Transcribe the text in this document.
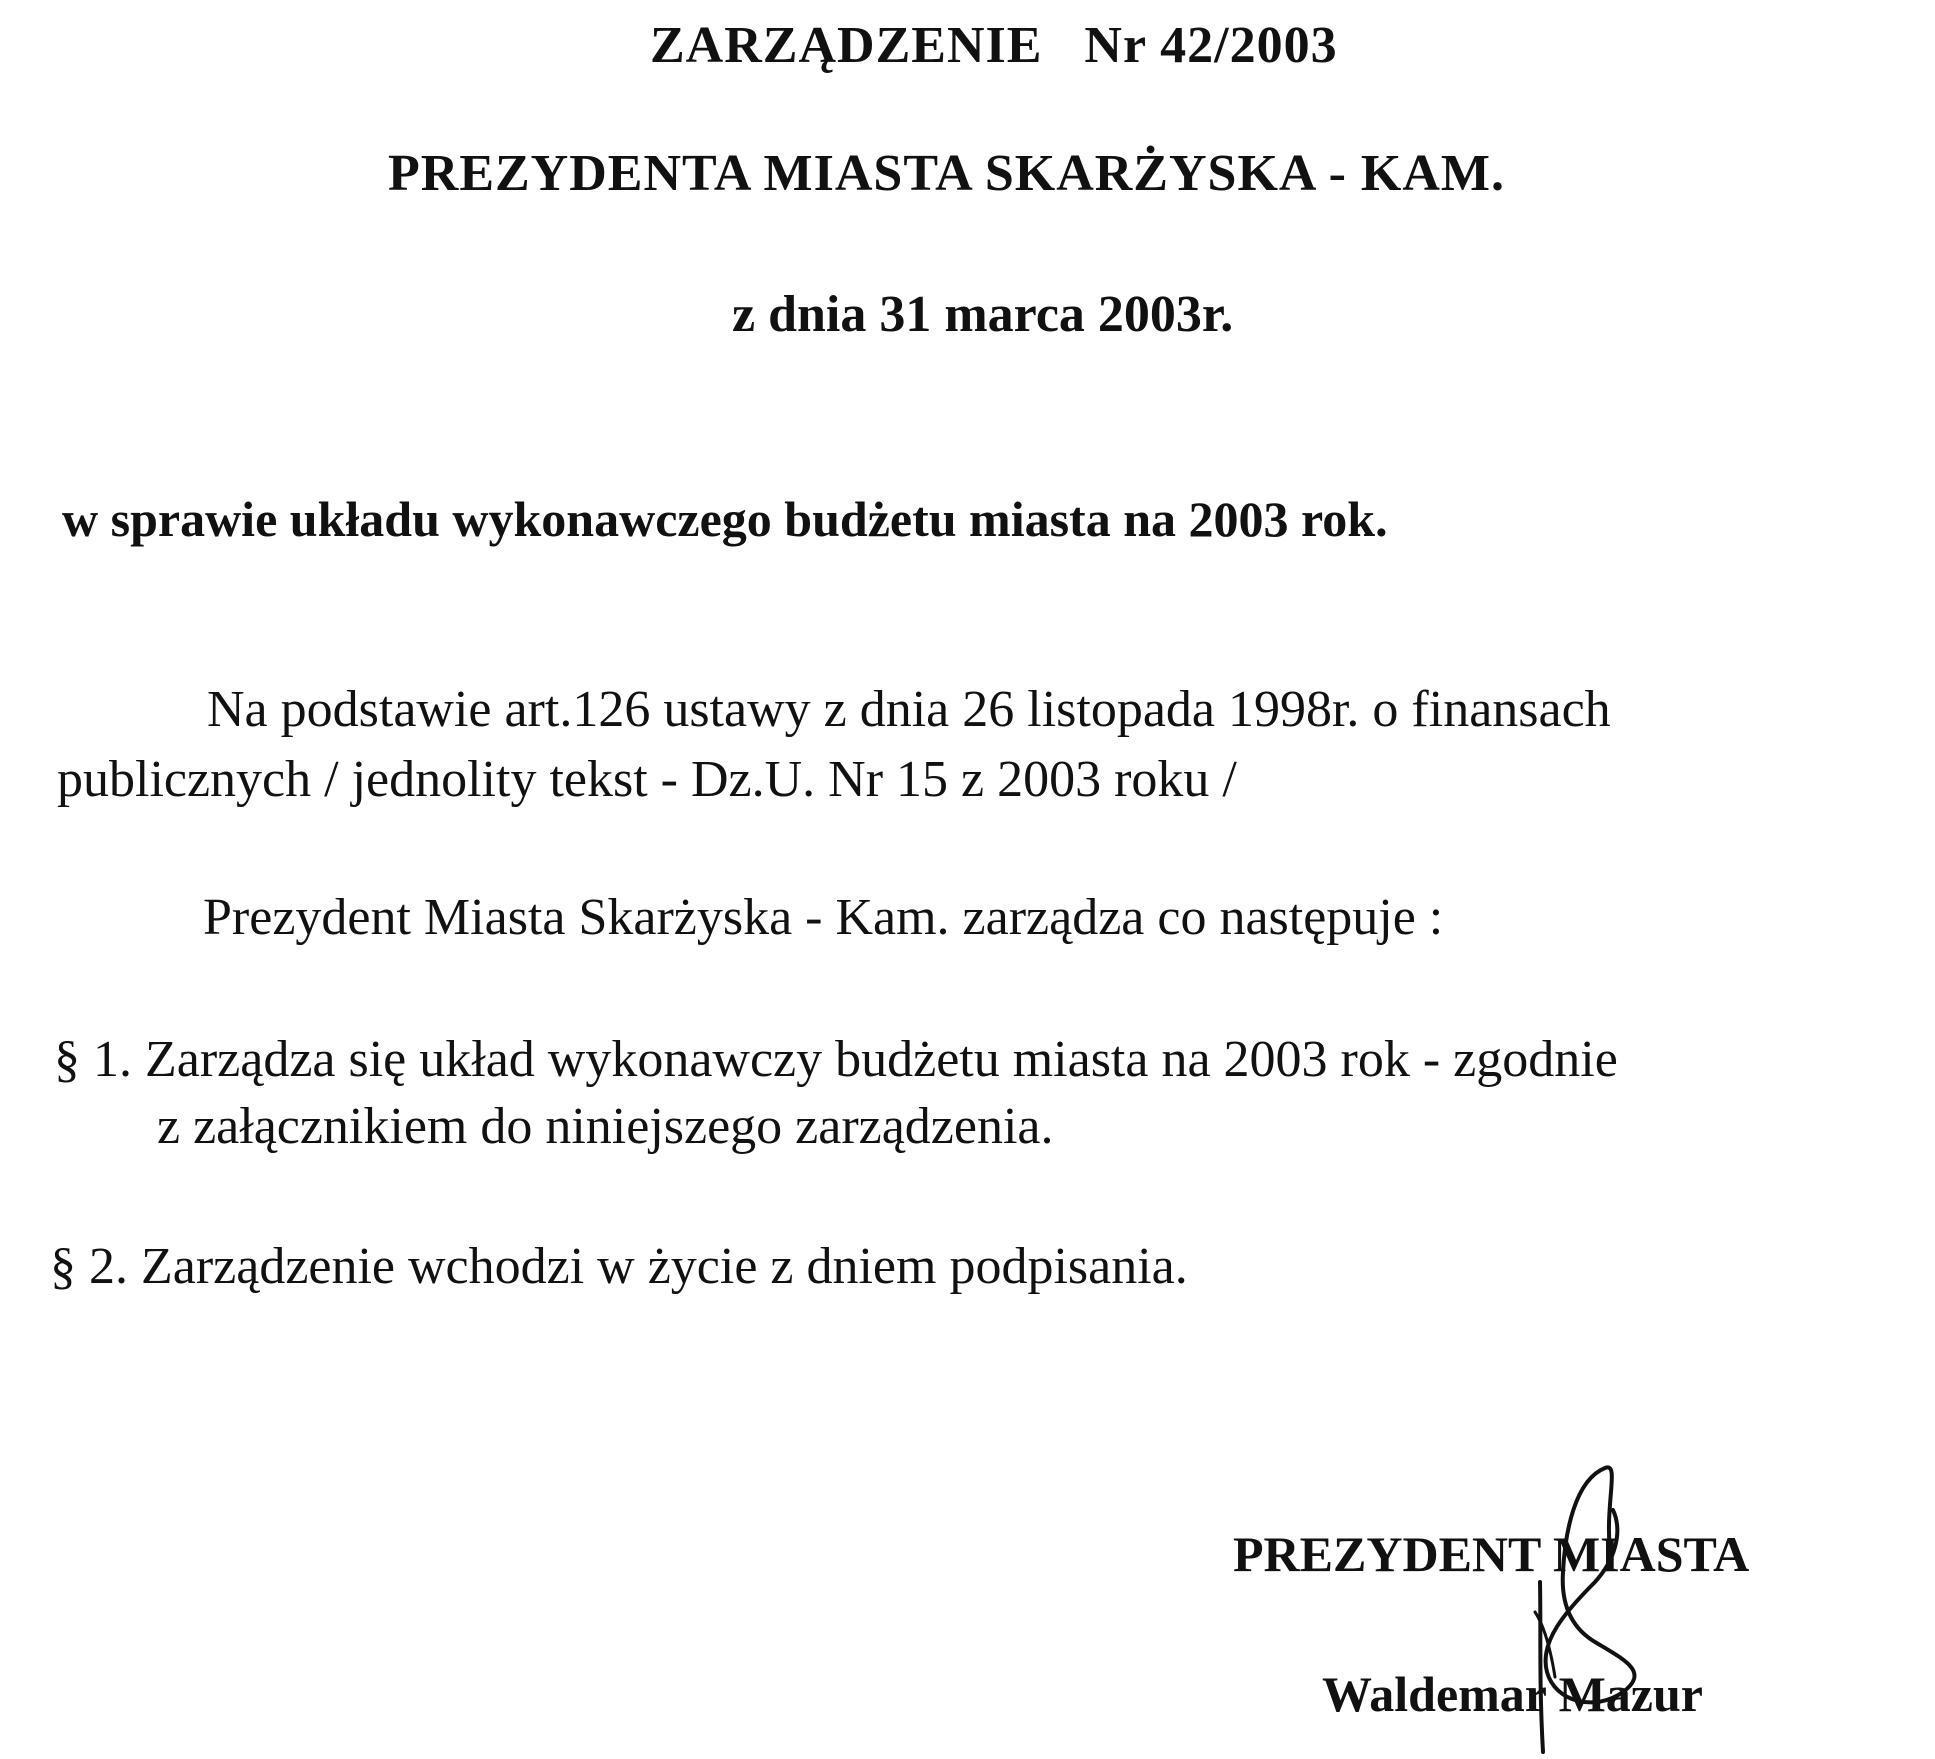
ZARZĄDZENIE Nr 42/2003
PREZYDENTA MIASTA SKARŻYSKA - KAM.
z dnia 31 marca 2003r.
w sprawie układu wykonawczego budżetu miasta na 2003 rok.
Na podstawie art.126 ustawy z dnia 26 listopada 1998r. o finansach
publicznych / jednolity tekst - Dz.U. Nr 15 z 2003 roku /
Prezydent Miasta Skarżyska - Kam. zarządza co następuje :
§ 1. Zarządza się układ wykonawczy budżetu miasta na 2003 rok - zgodnie
z załącznikiem do niniejszego zarządzenia.
§ 2. Zarządzenie wchodzi w życie z dniem podpisania.
PREZYDENT MIASTA
Waldemar Mazur
